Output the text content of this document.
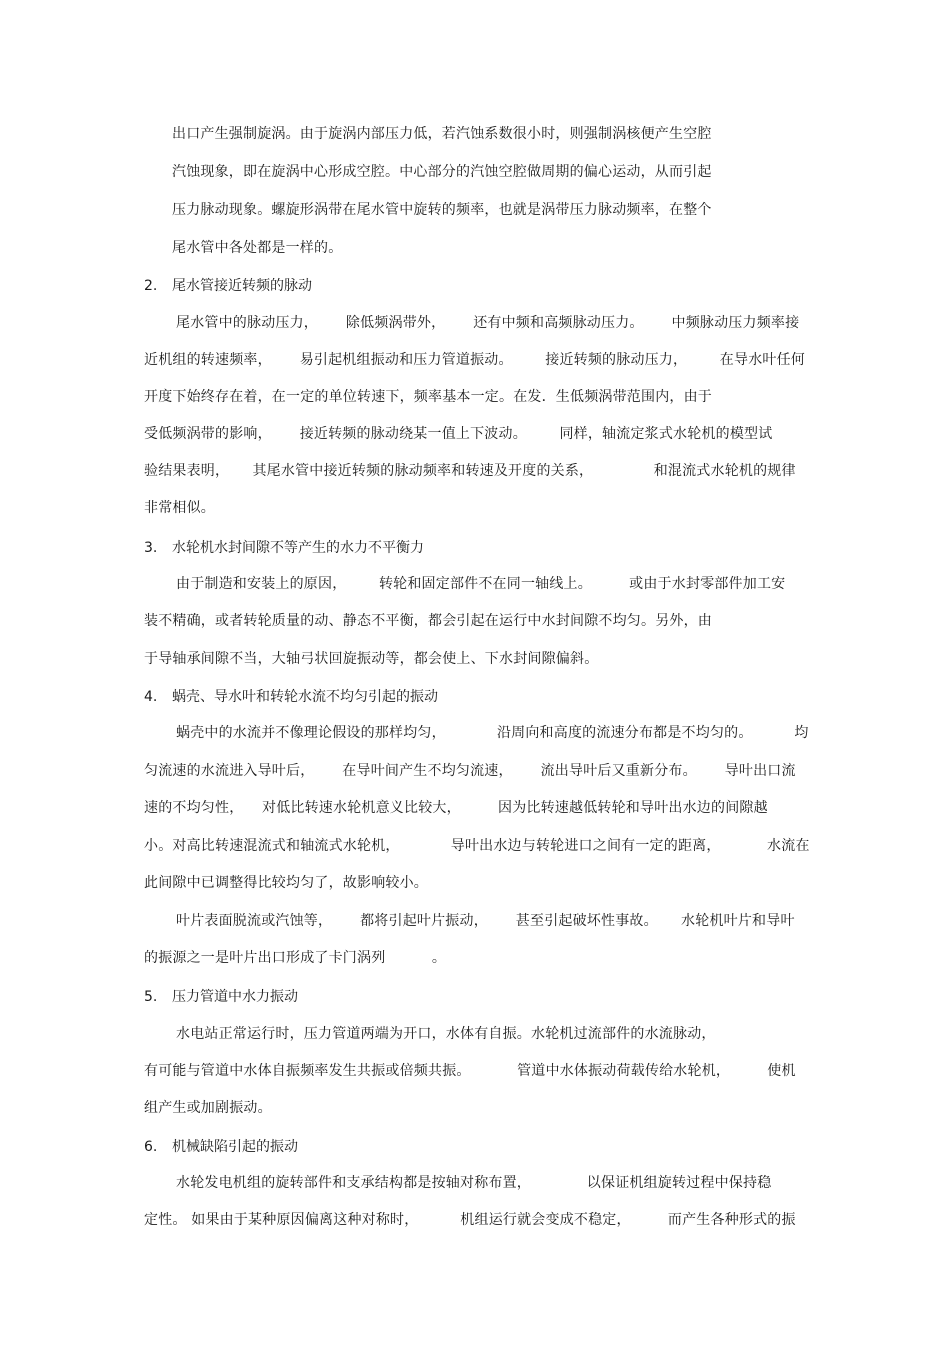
出口产生强制旋涡。由于旋涡内部压力低，若汽蚀系数很小时，则强制涡核便产生空腔
汽蚀现象，即在旋涡中心形成空腔。中心部分的汽蚀空腔做周期的偏心运动，从而引起
压力脉动现象。螺旋形涡带在尾水管中旋转的频率，也就是涡带压力脉动频率，在整个
尾水管中各处都是一样的。
2. 尾水管接近转频的脉动
尾水管中的脉动压力，      除低频涡带外，      还有中频和高频脉动压力。      中频脉动压力频率接
近机组的转速频率，      易引起机组振动和压力管道振动。       接近转频的脉动压力，       在导水叶任何
开度下始终存在着，在一定的单位转速下，频率基本一定。在发．生低频涡带范围内，由于
受低频涡带的影响，      接近转频的脉动绕某一值上下波动。       同样，轴流定浆式水轮机的模型试
验结果表明，     其尾水管中接近转频的脉动频率和转速及开度的关系，             和混流式水轮机的规律
非常相似。
3. 水轮机水封间隙不等产生的水力不平衡力
由于制造和安装上的原因，       转轮和固定部件不在同一轴线上。        或由于水封零部件加工安
装不精确，或者转轮质量的动、静态不平衡，都会引起在运行中水封间隙不均匀。另外，由
于导轴承间隙不当，大轴弓状回旋振动等，都会使上、下水封间隙偏斜。
4. 蜗壳、导水叶和转轮水流不均匀引起的振动
蜗壳中的水流并不像理论假设的那样均匀，           沿周向和高度的流速分布都是不均匀的。         均
匀流速的水流进入导叶后，      在导叶间产生不均匀流速，      流出导叶后又重新分布。      导叶出口流
速的不均匀性，    对低比转速水轮机意义比较大，        因为比转速越低转轮和导叶出水边的间隙越
小。对高比转速混流式和轴流式水轮机，           导叶出水边与转轮进口之间有一定的距离，          水流在
此间隙中已调整得比较均匀了，故影响较小。
叶片表面脱流或汽蚀等，      都将引起叶片振动，      甚至引起破坏性事故。     水轮机叶片和导叶
的振源之一是叶片出口形成了卡门涡列          。
5. 压力管道中水力振动
水电站正常运行时，压力管道两端为开口，水体有自振。水轮机过流部件的水流脉动，
有可能与管道中水体自振频率发生共振或倍频共振。          管道中水体振动荷载传给水轮机，        使机
组产生或加剧振动。
6. 机械缺陷引起的振动
水轮发电机组的旋转部件和支承结构都是按轴对称布置，            以保证机组旋转过程中保持稳
定性。 如果由于某种原因偏离这种对称时，         机组运行就会变成不稳定，        而产生各种形式的振
